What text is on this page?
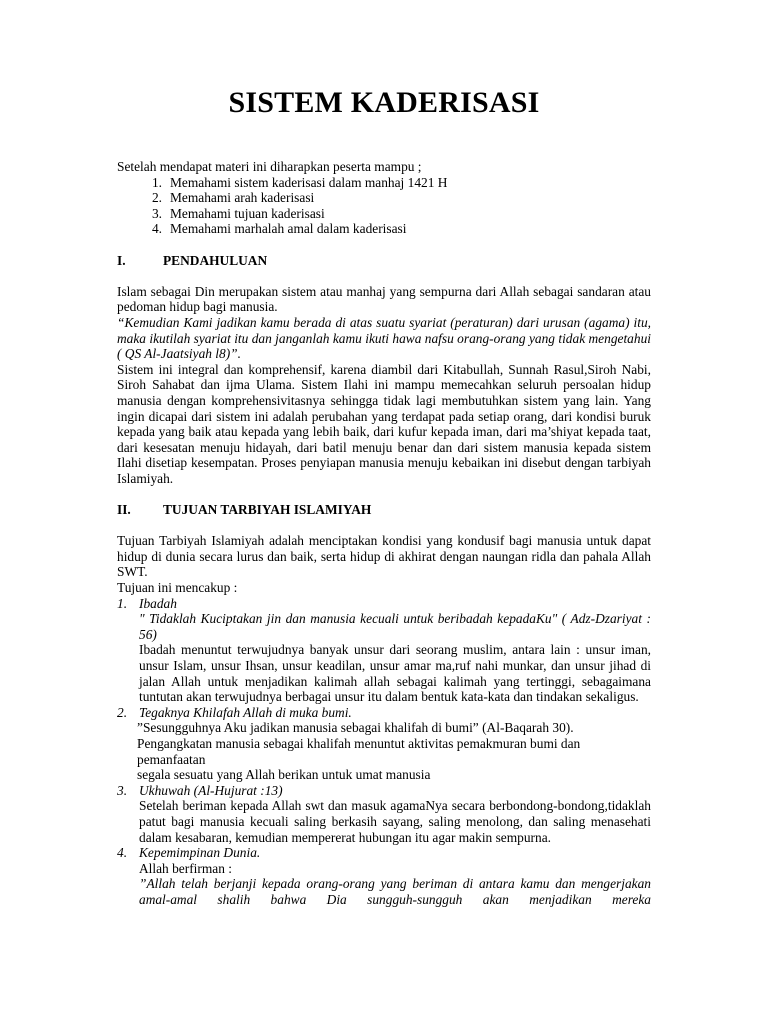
SISTEM KADERISASI

Setelah mendapat materi ini diharapkan peserta mampu ;

1. Memahami sistem kaderisasi dalam manhaj 1421 H
2. Memahami arah kaderisasi
3. Memahami tujuan kaderisasi
4. Memahami marhalah amal dalam kaderisasi
I.	PENDAHULUAN

Islam sebagai Din merupakan sistem atau manhaj yang sempurna dari Allah sebagai sandaran atau pedoman hidup bagi manusia.

“Kemudian Kami jadikan kamu berada di atas suatu syariat (peraturan) dari urusan (agama) itu, maka ikutilah syariat itu dan janganlah kamu ikuti hawa nafsu orang-orang yang tidak mengetahui ( QS Al-Jaatsiyah l8)”.

Sistem ini integral dan komprehensif, karena diambil dari Kitabullah, Sunnah Rasul,Siroh Nabi, Siroh Sahabat dan ijma Ulama. Sistem Ilahi ini mampu memecahkan seluruh persoalan hidup manusia dengan komprehensivitasnya sehingga tidak lagi membutuhkan sistem yang lain. Yang ingin dicapai dari sistem ini adalah perubahan yang terdapat pada setiap orang, dari kondisi buruk kepada yang baik atau kepada yang lebih baik, dari kufur kepada iman, dari ma’shiyat kepada taat, dari kesesatan menuju hidayah, dari batil menuju benar dan dari sistem manusia kepada sistem Ilahi disetiap kesempatan. Proses penyiapan manusia menuju kebaikan ini disebut dengan tarbiyah Islamiyah.

II.	TUJUAN TARBIYAH ISLAMIYAH

Tujuan Tarbiyah Islamiyah adalah menciptakan kondisi yang kondusif bagi manusia untuk dapat hidup di dunia secara lurus dan baik, serta hidup di akhirat dengan naungan ridla dan pahala Allah SWT.

Tujuan ini mencakup :

1. Ibadah

" Tidaklah Kuciptakan jin dan manusia kecuali untuk beribadah kepadaKu" ( Adz-Dzariyat : 56)

Ibadah menuntut terwujudnya banyak unsur dari seorang muslim, antara lain : unsur iman, unsur Islam, unsur Ihsan, unsur keadilan, unsur amar ma,ruf nahi munkar, dan unsur jihad di jalan Allah untuk menjadikan kalimah allah sebagai kalimah yang tertinggi, sebagaimana tuntutan akan terwujudnya berbagai unsur itu dalam bentuk kata-kata dan tindakan sekaligus.

2. Tegaknya Khilafah Allah di muka bumi.

”Sesungguhnya Aku jadikan manusia sebagai khalifah di bumi” (Al-Baqarah 30).

Pengangkatan manusia sebagai khalifah menuntut aktivitas pemakmuran bumi dan pemanfaatan

segala sesuatu yang Allah berikan untuk umat manusia

3. Ukhuwah (Al-Hujurat :13)

Setelah beriman kepada Allah swt dan masuk agamaNya secara berbondong-bondong,tidaklah patut bagi manusia kecuali saling berkasih sayang, saling menolong, dan saling menasehati dalam kesabaran, kemudian mempererat hubungan itu agar makin sempurna.

4. Kepemimpinan Dunia.

Allah berfirman :

”Allah telah berjanji kepada orang-orang yang beriman di antara kamu dan mengerjakan amal-amal shalih bahwa Dia sungguh-sungguh akan menjadikan mereka
